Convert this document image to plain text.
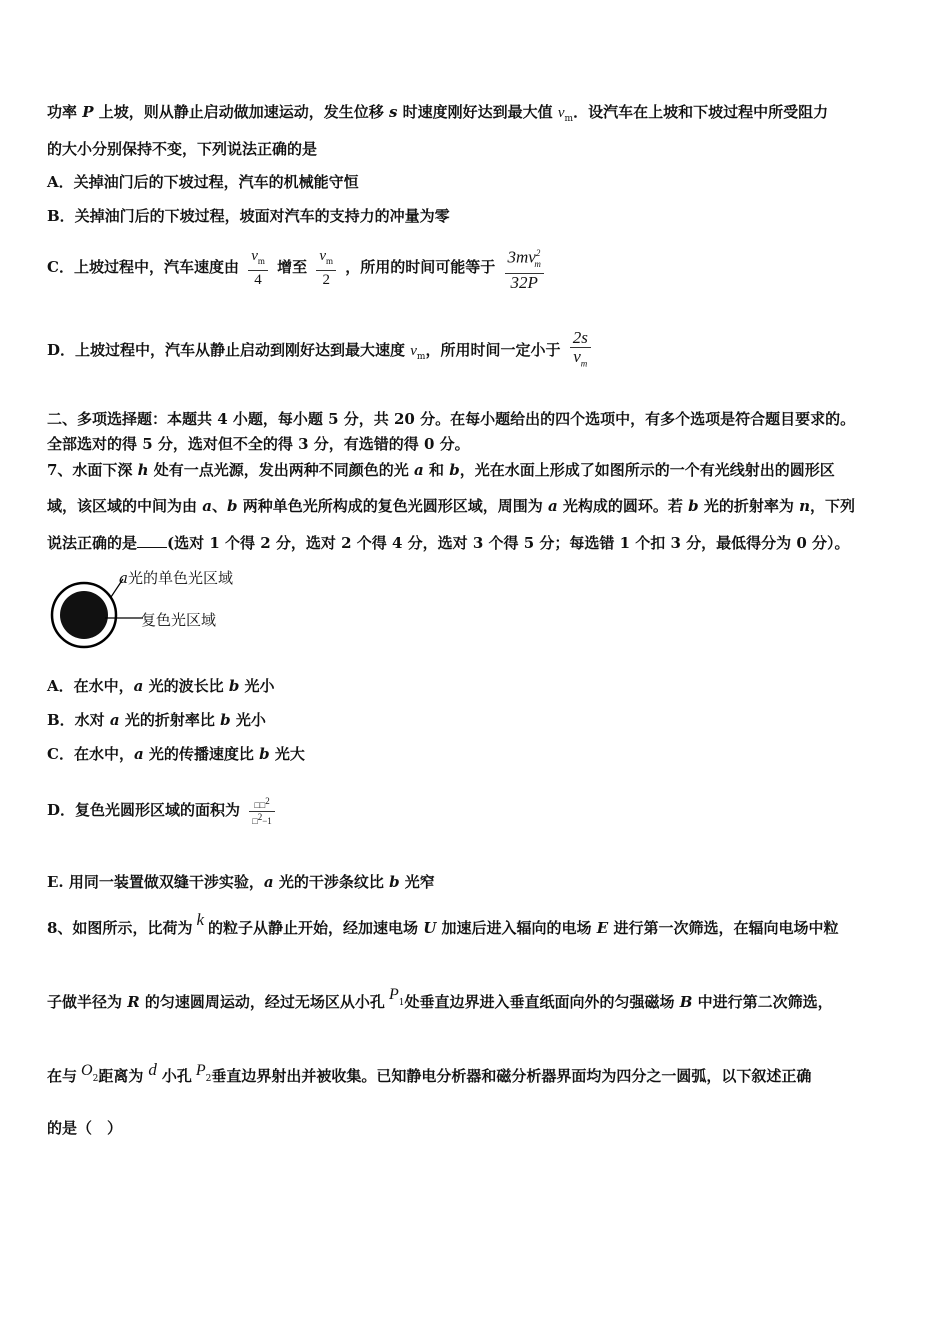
功率 P 上坡，则从静止启动做加速运动，发生位移 s 时速度刚好达到最大值 $v_m$．设汽车在上坡和下坡过程中所受阻力
的大小分别保持不变，下列说法正确的是
A．关掉油门后的下坡过程，汽车的机械能守恒
B．关掉油门后的下坡过程，坡面对汽车的支持力的冲量为零
C．上坡过程中，汽车速度由 $\frac{v_m}{4}$ 增至 $\frac{v_m}{2}$ ，所用的时间可能等于 $\frac{3mv^2_m}{32P}$
D．上坡过程中，汽车从静止启动到刚好达到最大速度 $v_m$，所用时间一定小于 $\frac{2s}{v_m}$
二、多项选择题：本题共 4 小题，每小题 5 分，共 20 分。在每小题给出的四个选项中，有多个选项是符合题目要求的。
全部选对的得 5 分，选对但不全的得 3 分，有选错的得 0 分。
7、水面下深 h 处有一点光源，发出两种不同颜色的光 a 和 b，光在水面上形成了如图所示的一个有光线射出的圆形区
域，该区域的中间为由 a、b 两种单色光所构成的复色光圆形区域，周围为 a 光构成的圆环。若 b 光的折射率为 n，下列
说法正确的是 (选对 1 个得 2 分，选对 2 个得 4 分，选对 3 个得 5 分；每选错 1 个扣 3 分，最低得分为 0 分）。
a光的单色光区域
复色光区域
A．在水中，a 光的波长比 b 光小
B．水对 a 光的折射率比 b 光小
C．在水中，a 光的传播速度比 b 光大
D．复色光圆形区域的面积为 $\frac{□□^2}{□^2-1}$
E. 用同一装置做双缝干涉实验，a 光的干涉条纹比 b 光窄
8、如图所示，比荷为 k 的粒子从静止开始，经加速电场 U 加速后进入辐向的电场 E 进行第一次筛选，在辐向电场中粒
子做半径为 R 的匀速圆周运动，经过无场区从小孔 $P_1$处垂直边界进入垂直纸面向外的匀强磁场 B 中进行第二次筛选，
在与 $O_2$距离为 d 小孔 $P_2$垂直边界射出并被收集。已知静电分析器和磁分析器界面均为四分之一圆弧，以下叙述正确
的是（　）
